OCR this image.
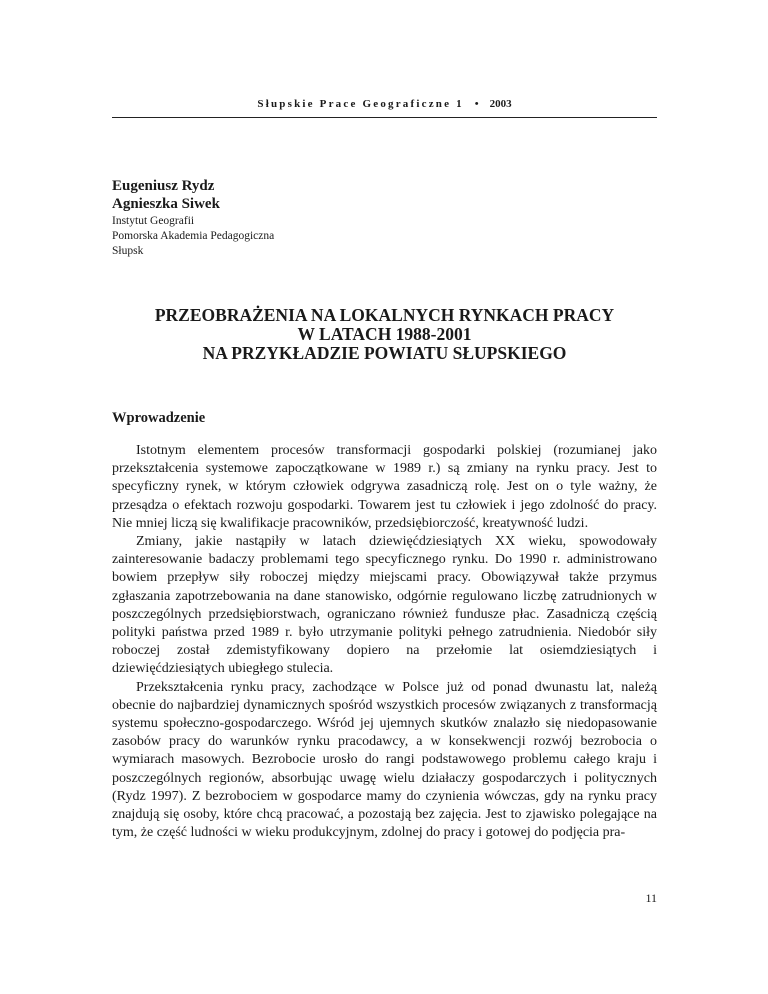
Słupskie Prace Geograficzne 1 • 2003
Eugeniusz Rydz
Agnieszka Siwek
Instytut Geografii
Pomorska Akademia Pedagogiczna
Słupsk
PRZEOBRAŻENIA NA LOKALNYCH RYNKACH PRACY
W LATACH 1988-2001
NA PRZYKŁADZIE POWIATU SŁUPSKIEGO
Wprowadzenie

Istotnym elementem procesów transformacji gospodarki polskiej (rozumianej jako przekształcenia systemowe zapoczątkowane w 1989 r.) są zmiany na rynku pracy. Jest to specyficzny rynek, w którym człowiek odgrywa zasadniczą rolę. Jest on o tyle ważny, że przesądza o efektach rozwoju gospodarki. Towarem jest tu człowiek i jego zdolność do pracy. Nie mniej liczą się kwalifikacje pracowników, przedsiębiorczość, kreatywność ludzi.

Zmiany, jakie nastąpiły w latach dziewięćdziesiątych XX wieku, spowodowały zainteresowanie badaczy problemami tego specyficznego rynku. Do 1990 r. administrowano bowiem przepływ siły roboczej między miejscami pracy. Obowiązywał także przymus zgłaszania zapotrzebowania na dane stanowisko, odgórnie regulowano liczbę zatrudnionych w poszczególnych przedsiębiorstwach, ograniczano również fundusze płac. Zasadniczą częścią polityki państwa przed 1989 r. było utrzymanie polityki pełnego zatrudnienia. Niedobór siły roboczej został zdemistyfikowany dopiero na przełomie lat osiemdziesiątych i dziewięćdziesiątych ubiegłego stulecia.

Przekształcenia rynku pracy, zachodzące w Polsce już od ponad dwunastu lat, należą obecnie do najbardziej dynamicznych spośród wszystkich procesów związanych z transformacją systemu społeczno-gospodarczego. Wśród jej ujemnych skutków znalazło się niedopasowanie zasobów pracy do warunków rynku pracodawcy, a w konsekwencji rozwój bezrobocia o wymiarach masowych. Bezrobocie urosło do rangi podstawowego problemu całego kraju i poszczególnych regionów, absorbując uwagę wielu działaczy gospodarczych i politycznych (Rydz 1997). Z bezrobociem w gospodarce mamy do czynienia wówczas, gdy na rynku pracy znajdują się osoby, które chcą pracować, a pozostają bez zajęcia. Jest to zjawisko polegające na tym, że część ludności w wieku produkcyjnym, zdolnej do pracy i gotowej do podjęcia pra-

11
